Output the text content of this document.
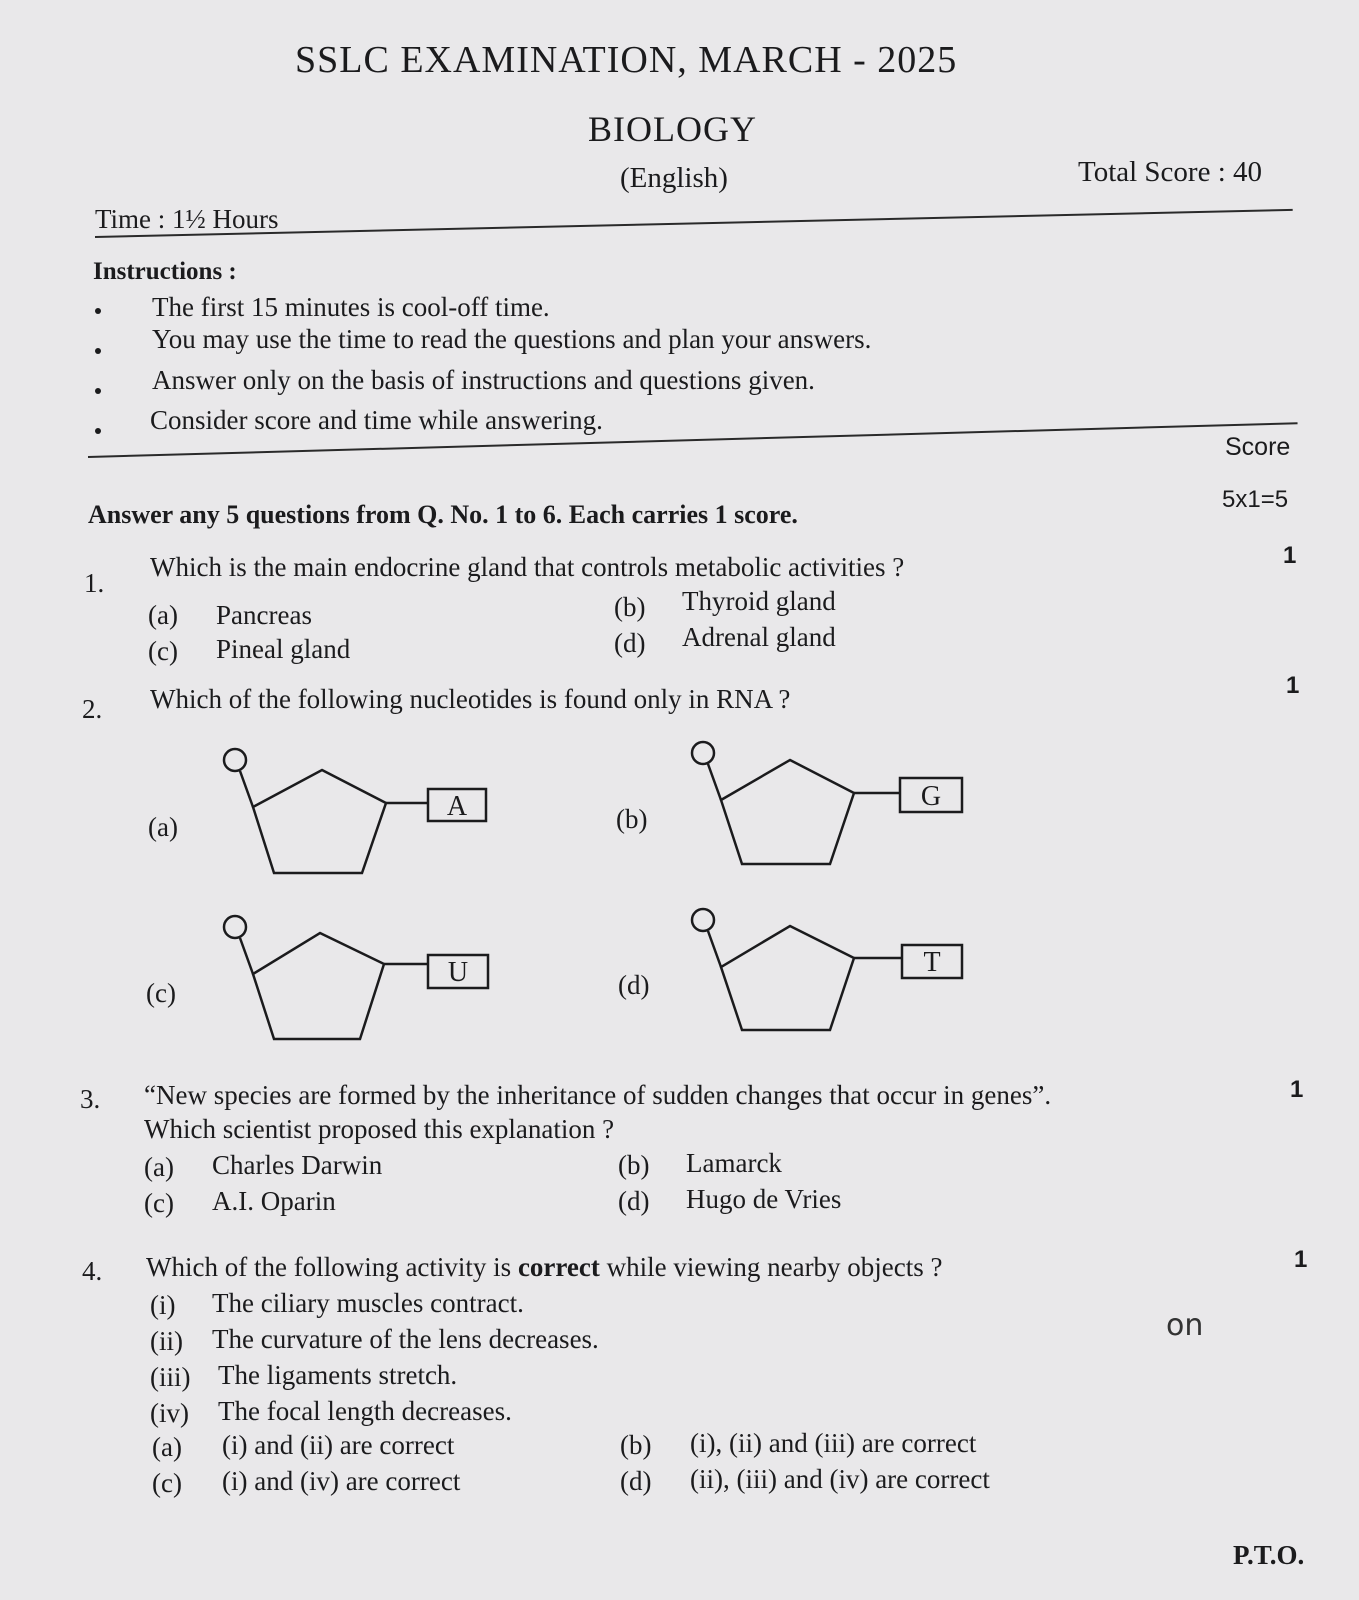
SSLC EXAMINATION, MARCH - 2025
BIOLOGY
(English)	Total Score : 40
Time : 1½ Hours
Instructions :
The first 15 minutes is cool-off time.
You may use the time to read the questions and plan your answers.
Answer only on the basis of instructions and questions given.
Consider score and time while answering.
Score
Answer any 5 questions from Q. No. 1 to 6. Each carries 1 score.
5x1=5
1.
Which is the main endocrine gland that controls metabolic activities ?	1
(a) Pancreas	(b) Thyroid gland
(c) Pineal gland	(d) Adrenal gland
2. Which of the following nucleotides is found only in RNA ?	1
(a)
A	(b)
G
(c)
U	(d)
T
3. “New species are formed by the inheritance of sudden changes that occur in genes”.	1
Which scientist proposed this explanation ?
(a) Charles Darwin	(b) Lamarck
(c) A.I. Oparin	(d) Hugo de Vries
4. Which of the following activity is correct while viewing nearby objects ?	1
(i) The ciliary muscles contract.
(ii) The curvature of the lens decreases.
(iii) The ligaments stretch.
(iv) The focal length decreases.
on
(a) (i) and (ii) are correct	(b) (i), (ii) and (iii) are correct
(c) (i) and (iv) are correct	(d) (ii), (iii) and (iv) are correct
P.T.O.
